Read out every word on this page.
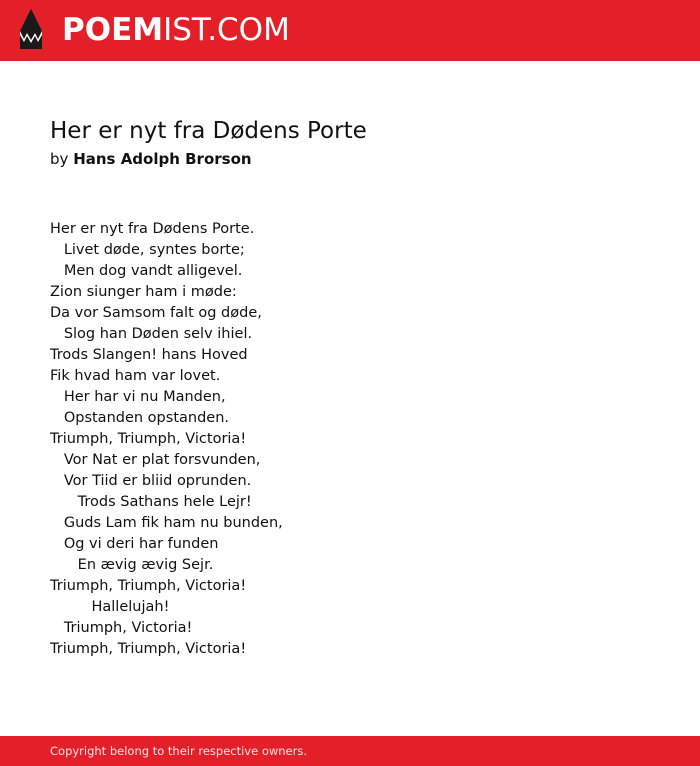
POEMIST.COM
Her er nyt fra Dødens Porte
by Hans Adolph Brorson
Her er nyt fra Dødens Porte.
Livet døde, syntes borte;
Men dog vandt alligevel.
Zion siunger ham i møde:
Da vor Samsom falt og døde,
Slog han Døden selv ihiel.
Trods Slangen! hans Hoved
Fik hvad ham var lovet.
Her har vi nu Manden,
Opstanden opstanden.
Triumph, Triumph, Victoria!
Vor Nat er plat forsvunden,
Vor Tiid er bliid oprunden.
Trods Sathans hele Lejr!
Guds Lam fik ham nu bunden,
Og vi deri har funden
En ævig ævig Sejr.
Triumph, Triumph, Victoria!
Hallelujah!
Triumph, Victoria!
Triumph, Triumph, Victoria!
Copyright belong to their respective owners.
